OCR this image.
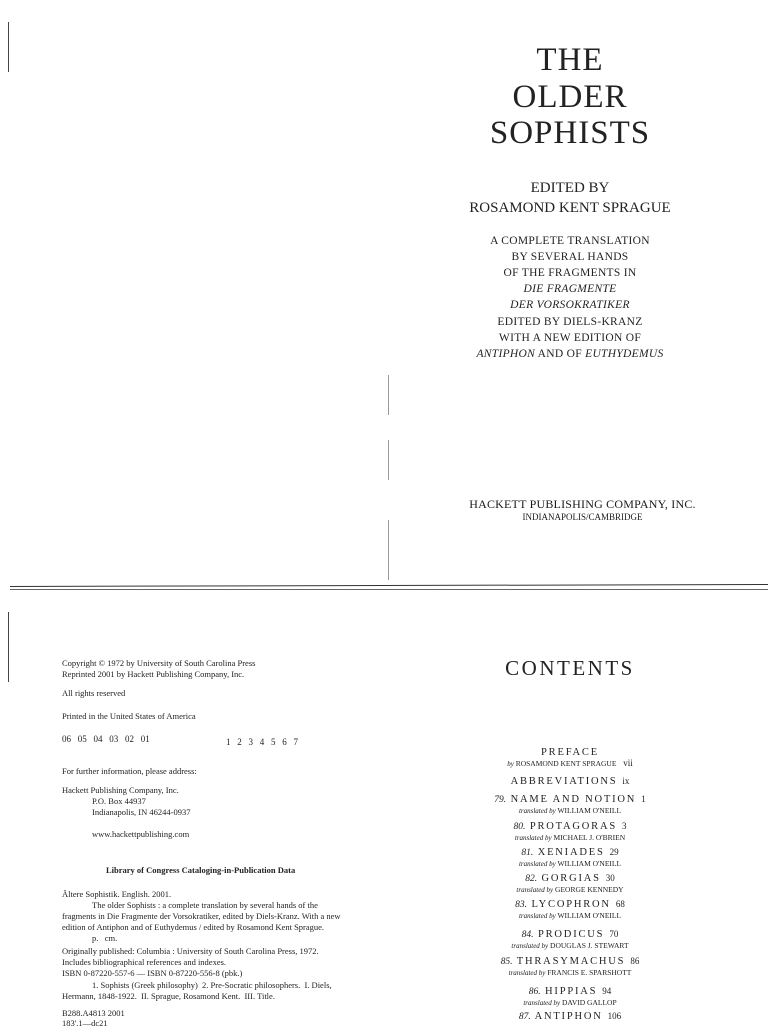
THE
OLDER
SOPHISTS
EDITED BY
ROSAMOND KENT SPRAGUE
A COMPLETE TRANSLATION
BY SEVERAL HANDS
OF THE FRAGMENTS IN
DIE FRAGMENTE
DER VORSOKRATIKER
EDITED BY DIELS-KRANZ
WITH A NEW EDITION OF
ANTIPHON AND OF EUTHYDEMUS
HACKETT PUBLISHING COMPANY, INC.
INDIANAPOLIS/CAMBRIDGE
Copyright © 1972 by University of South Carolina Press
Reprinted 2001 by Hackett Publishing Company, Inc.
All rights reserved
Printed in the United States of America
06   05   04   03   02   01	1   2   3   4   5   6   7
For further information, please address:
Hackett Publishing Company, Inc.
P.O. Box 44937
Indianapolis, IN 46244-0937
www.hackettpublishing.com
Library of Congress Cataloging-in-Publication Data
Ältere Sophistik. English. 2001.
The older Sophists : a complete translation by several hands of the
fragments in Die Fragmente der Vorsokratiker, edited by Diels-Kranz. With a new
edition of Antiphon and of Euthydemus / edited by Rosamond Kent Sprague.
p.   cm.
Originally published: Columbia : University of South Carolina Press, 1972.
Includes bibliographical references and indexes.
ISBN 0-87220-557-6 — ISBN 0-87220-556-8 (pbk.)
1. Sophists (Greek philosophy)  2. Pre-Socratic philosophers.  I. Diels,
Hermann, 1848-1922.  II. Sprague, Rosamond Kent.  III. Title.
B288.A4813 2001
183'.1—dc21
CONTENTS
PREFACE
by ROSAMOND KENT SPRAGUE vii
ABBREVIATIONS ix
79. NAME AND NOTION 1
translated by WILLIAM O'NEILL
80. PROTAGORAS 3
translated by MICHAEL J. O'BRIEN
81. XENIADES 29
translated by WILLIAM O'NEILL
82. GORGIAS 30
translated by GEORGE KENNEDY
83. LYCOPHRON 68
translated by WILLIAM O'NEILL
84. PRODICUS 70
translated by DOUGLAS J. STEWART
85. THRASYMACHUS 86
translated by FRANCIS E. SPARSHOTT
86. HIPPIAS 94
translated by DAVID GALLOP
87. ANTIPHON 106
